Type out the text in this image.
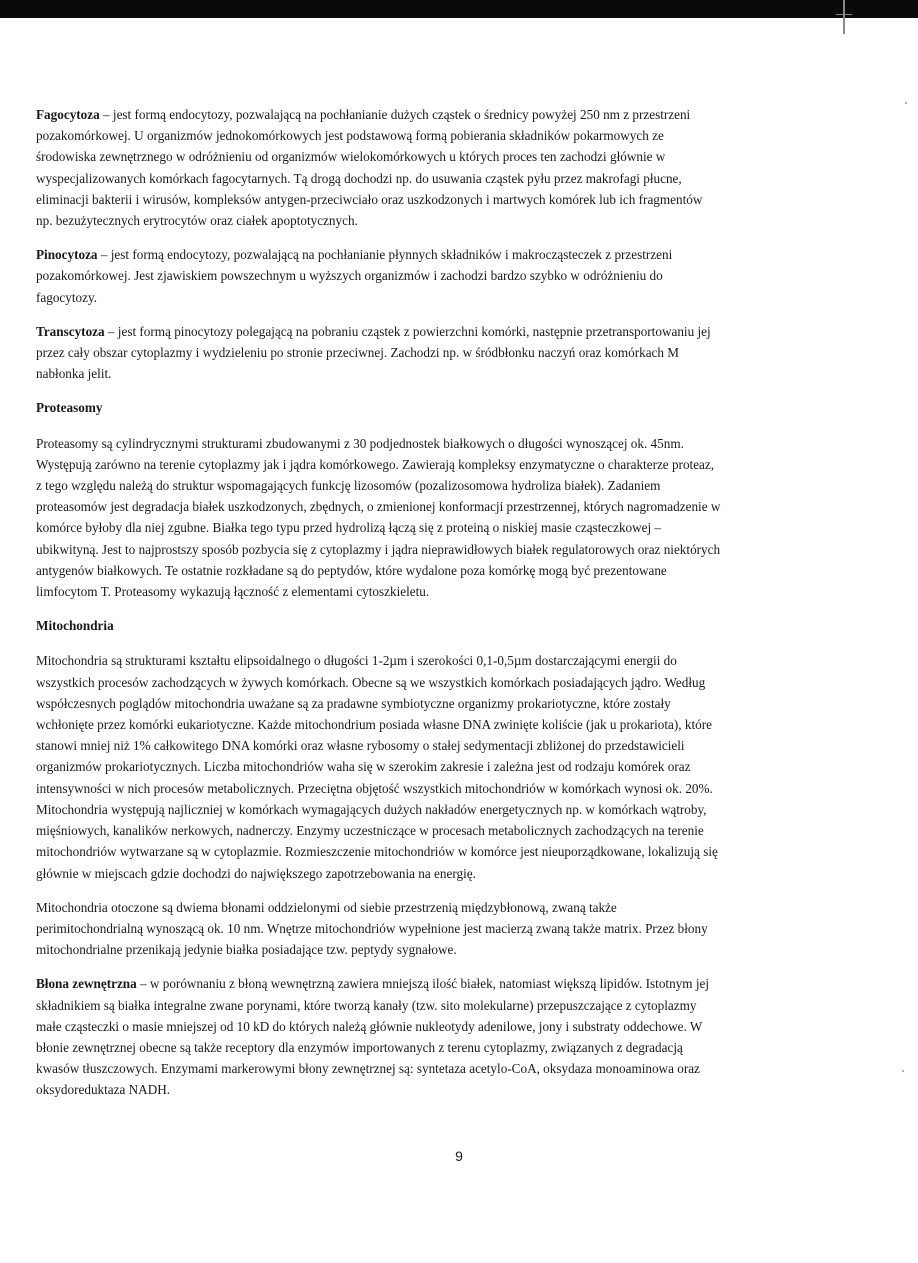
Fagocytoza – jest formą endocytozy, pozwalającą na pochłanianie dużych cząstek o średnicy powyżej 250 nm z przestrzeni pozakomórkowej. U organizmów jednokomórkowych jest podstawową formą pobierania składników pokarmowych ze środowiska zewnętrznego w odróżnieniu od organizmów wielokomórkowych u których proces ten zachodzi głównie w wyspecjalizowanych komórkach fagocytarnych. Tą drogą dochodzi np. do usuwania cząstek pyłu przez makrofagi płucne, eliminacji bakterii i wirusów, kompleksów antygen-przeciwciało oraz uszkodzonych i martwych komórek lub ich fragmentów np. bezużytecznych erytrocytów oraz ciałek apoptotycznych.

Pinocytoza – jest formą endocytozy, pozwalającą na pochłanianie płynnych składników i makrocząsteczek z przestrzeni pozakomórkowej. Jest zjawiskiem powszechnym u wyższych organizmów i zachodzi bardzo szybko w odróżnieniu do fagocytozy.

Transcytoza – jest formą pinocytozy polegającą na pobraniu cząstek z powierzchni komórki, następnie przetransportowaniu jej przez cały obszar cytoplazmy i wydzieleniu po stronie przeciwnej. Zachodzi np. w śródbłonku naczyń oraz komórkach M nabłonka jelit.

Proteasomy

Proteasomy są cylindrycznymi strukturami zbudowanymi z 30 podjednostek białkowych o długości wynoszącej ok. 45nm. Występują zarówno na terenie cytoplazmy jak i jądra komórkowego. Zawierają kompleksy enzymatyczne o charakterze proteaz, z tego względu należą do struktur wspomagających funkcję lizosomów (pozalizosomowa hydroliza białek). Zadaniem proteasomów jest degradacja białek uszkodzonych, zbędnych, o zmienionej konformacji przestrzennej, których nagromadzenie w komórce byłoby dla niej zgubne. Białka tego typu przed hydrolizą łączą się z proteiną o niskiej masie cząsteczkowej – ubikwityną. Jest to najprostszy sposób pozbycia się z cytoplazmy i jądra nieprawidłowych białek regulatorowych oraz niektórych antygenów białkowych. Te ostatnie rozkładane są do peptydów, które wydalone poza komórkę mogą być prezentowane limfocytom T. Proteasomy wykazują łączność z elementami cytoszkieletu.

Mitochondria

Mitochondria są strukturami kształtu elipsoidalnego o długości 1-2µm i szerokości 0,1-0,5µm dostarczającymi energii do wszystkich procesów zachodzących w żywych komórkach. Obecne są we wszystkich komórkach posiadających jądro. Według współczesnych poglądów mitochondria uważane są za pradawne symbiotyczne organizmy prokariotyczne, które zostały wchłonięte przez komórki eukariotyczne. Każde mitochondrium posiada własne DNA zwinięte koliście (jak u prokariota), które stanowi mniej niż 1% całkowitego DNA komórki oraz własne rybosomy o stałej sedymentacji zbliżonej do przedstawicieli organizmów prokariotycznych. Liczba mitochondriów waha się w szerokim zakresie i zależna jest od rodzaju komórek oraz intensywności w nich procesów metabolicznych. Przeciętna objętość wszystkich mitochondriów w komórkach wynosi ok. 20%. Mitochondria występują najliczniej w komórkach wymagających dużych nakładów energetycznych np. w komórkach wątroby, mięśniowych, kanalików nerkowych, nadnerczy. Enzymy uczestniczące w procesach metabolicznych zachodzących na terenie mitochondriów wytwarzane są w cytoplazmie. Rozmieszczenie mitochondriów w komórce jest nieuporządkowane, lokalizują się głównie w miejscach gdzie dochodzi do największego zapotrzebowania na energię.

Mitochondria otoczone są dwiema błonami oddzielonymi od siebie przestrzenią międzybłonową, zwaną także perimitochondrialną wynoszącą ok. 10 nm. Wnętrze mitochondriów wypełnione jest macierzą zwaną także matrix. Przez błony mitochondrialne przenikają jedynie białka posiadające tzw. peptydy sygnałowe.

Błona zewnętrzna – w porównaniu z błoną wewnętrzną zawiera mniejszą ilość białek, natomiast większą lipidów. Istotnym jej składnikiem są białka integralne zwane porynami, które tworzą kanały (tzw. sito molekularne) przepuszczające z cytoplazmy małe cząsteczki o masie mniejszej od 10 kD do których należą głównie nukleotydy adenilowe, jony i substraty oddechowe. W błonie zewnętrznej obecne są także receptory dla enzymów importowanych z terenu cytoplazmy, związanych z degradacją kwasów tłuszczowych. Enzymami markerowymi błony zewnętrznej są: syntetaza acetylo-CoA, oksydaza monoaminowa oraz oksydoreduktaza NADH.

9
